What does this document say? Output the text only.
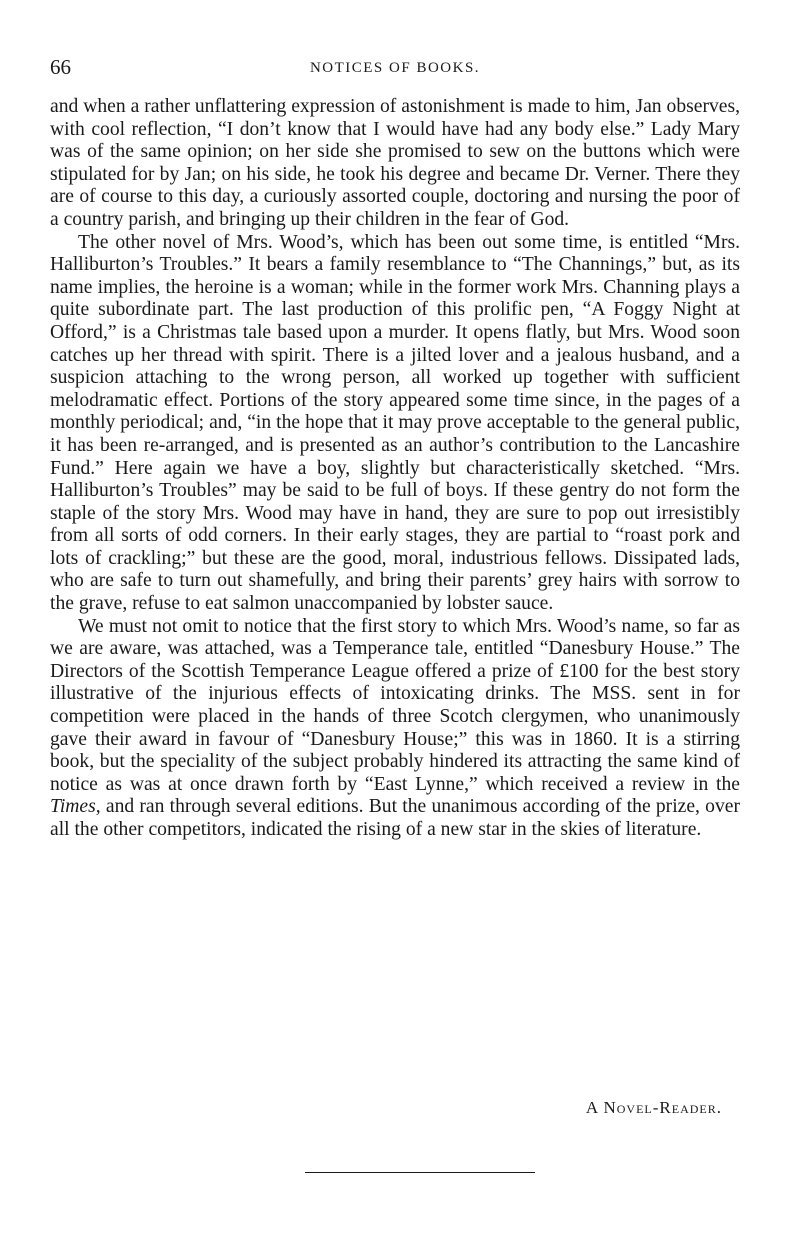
66	NOTICES OF BOOKS.

and when a rather unflattering expression of astonishment is made to him, Jan observes, with cool reflection, “I don’t know that I would have had any body else.” Lady Mary was of the same opinion; on her side she promised to sew on the buttons which were stipulated for by Jan; on his side, he took his degree and became Dr. Verner. There they are of course to this day, a curiously assorted couple, doctoring and nursing the poor of a country parish, and bringing up their children in the fear of God.

The other novel of Mrs. Wood’s, which has been out some time, is entitled “Mrs. Halliburton’s Troubles.” It bears a family resemblance to “The Channings,” but, as its name implies, the heroine is a woman; while in the former work Mrs. Channing plays a quite subordinate part. The last production of this prolific pen, “A Foggy Night at Offord,” is a Christmas tale based upon a murder. It opens flatly, but Mrs. Wood soon catches up her thread with spirit. There is a jilted lover and a jealous husband, and a suspicion attaching to the wrong person, all worked up together with sufficient melodramatic effect. Portions of the story appeared some time since, in the pages of a monthly periodical; and, “in the hope that it may prove acceptable to the general public, it has been re-arranged, and is presented as an author’s contribution to the Lancashire Fund.” Here again we have a boy, slightly but characteristically sketched. “Mrs. Halliburton’s Troubles” may be said to be full of boys. If these gentry do not form the staple of the story Mrs. Wood may have in hand, they are sure to pop out irresistibly from all sorts of odd corners. In their early stages, they are partial to “roast pork and lots of crackling;” but these are the good, moral, industrious fellows. Dissipated lads, who are safe to turn out shamefully, and bring their parents’ grey hairs with sorrow to the grave, refuse to eat salmon unaccompanied by lobster sauce.

We must not omit to notice that the first story to which Mrs. Wood’s name, so far as we are aware, was attached, was a Temperance tale, entitled “Danesbury House.” The Directors of the Scottish Temperance League offered a prize of £100 for the best story illustrative of the injurious effects of intoxicating drinks. The MSS. sent in for competition were placed in the hands of three Scotch clergymen, who unanimously gave their award in favour of “Danesbury House;” this was in 1860. It is a stirring book, but the speciality of the subject probably hindered its attracting the same kind of notice as was at once drawn forth by “East Lynne,” which received a review in the Times, and ran through several editions. But the unanimous according of the prize, over all the other competitors, indicated the rising of a new star in the skies of literature.

A Novel-Reader.
